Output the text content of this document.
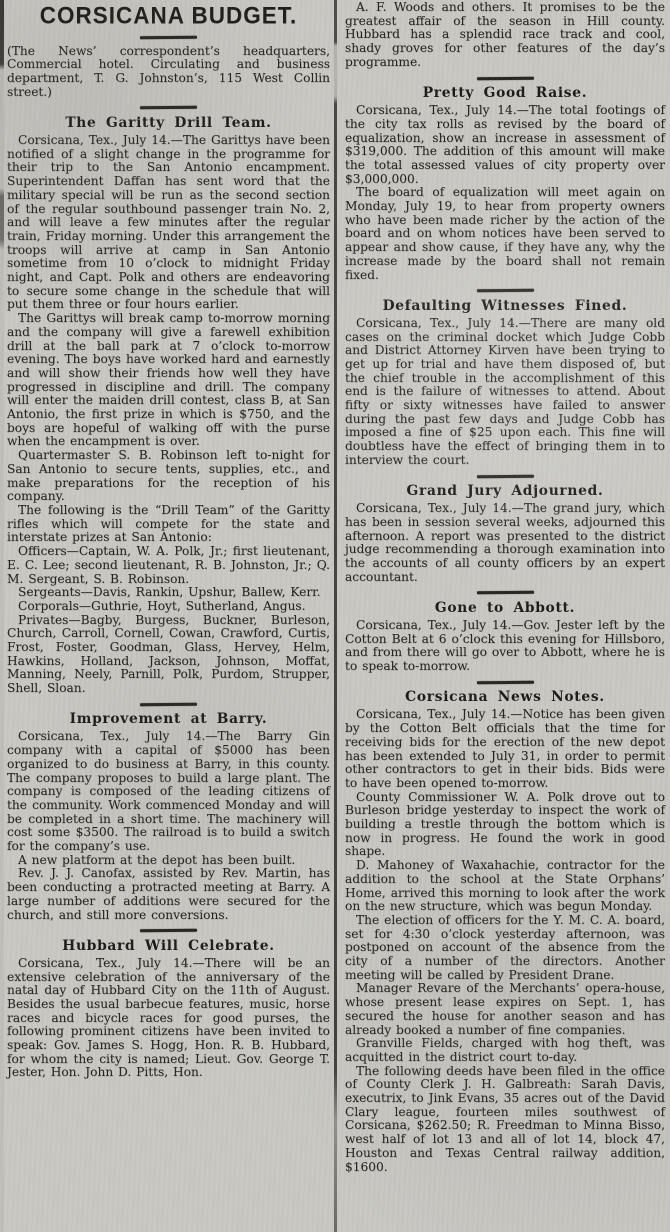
CORSICANA BUDGET.

(The News’ correspondent’s headquarters, Commercial hotel. Circulating and business department, T. G. Johnston’s, 115 West Collin street.)

The Garitty Drill Team.

Corsicana, Tex., July 14.—The Garittys have been notified of a slight change in the programme for their trip to the San Antonio encampment. Superintendent Daffan has sent word that the military special will be run as the second section of the regular southbound passenger train No. 2, and will leave a few minutes after the regular train, Friday morning. Under this arrangement the troops will arrive at camp in San Antonio sometime from 10 o’clock to midnight Friday night, and Capt. Polk and others are endeavoring to secure some change in the schedule that will put them three or four hours earlier.

The Garittys will break camp to-morrow morning and the company will give a farewell exhibition drill at the ball park at 7 o’clock to-morrow evening. The boys have worked hard and earnestly and will show their friends how well they have progressed in discipline and drill. The company will enter the maiden drill contest, class B, at San Antonio, the first prize in which is $750, and the boys are hopeful of walking off with the purse when the encampment is over.

Quartermaster S. B. Robinson left to-night for San Antonio to secure tents, supplies, etc., and make preparations for the reception of his company.

The following is the “Drill Team” of the Garitty rifles which will compete for the state and interstate prizes at San Antonio:

Officers—Captain, W. A. Polk, Jr.; first lieutenant, E. C. Lee; second lieutenant, R. B. Johnston, Jr.; Q. M. Sergeant, S. B. Robinson.

Sergeants—Davis, Rankin, Upshur, Ballew, Kerr.

Corporals—Guthrie, Hoyt, Sutherland, Angus.

Privates—Bagby, Burgess, Buckner, Burleson, Church, Carroll, Cornell, Cowan, Crawford, Curtis, Frost, Foster, Goodman, Glass, Hervey, Helm, Hawkins, Holland, Jackson, Johnson, Moffat, Manning, Neely, Parnill, Polk, Purdom, Strupper, Shell, Sloan.

Improvement at Barry.

Corsicana, Tex., July 14.—The Barry Gin company with a capital of $5000 has been organized to do business at Barry, in this county. The company proposes to build a large plant. The company is composed of the leading citizens of the community. Work commenced Monday and will be completed in a short time. The machinery will cost some $3500. The railroad is to build a switch for the company’s use.

A new platform at the depot has been built.

Rev. J. J. Canofax, assisted by Rev. Martin, has been conducting a protracted meeting at Barry. A large number of additions were secured for the church, and still more conversions.

Hubbard Will Celebrate.

Corsicana, Tex., July 14.—There will be an extensive celebration of the anniversary of the natal day of Hubbard City on the 11th of August. Besides the usual barbecue features, music, horse races and bicycle races for good purses, the following prominent citizens have been invited to speak: Gov. James S. Hogg, Hon. R. B. Hubbard, for whom the city is named; Lieut. Gov. George T. Jester, Hon. John D. Pitts, Hon.

A. F. Woods and others. It promises to be the greatest affair of the season in Hill county. Hubbard has a splendid race track and cool, shady groves for other features of the day’s programme.

Pretty Good Raise.

Corsicana, Tex., July 14.—The total footings of the city tax rolls as revised by the board of equalization, show an increase in assessment of $319,000. The addition of this amount will make the total assessed values of city property over $3,000,000.

The board of equalization will meet again on Monday, July 19, to hear from property owners who have been made richer by the action of the board and on whom notices have been served to appear and show cause, if they have any, why the increase made by the board shall not remain fixed.

Defaulting Witnesses Fined.

Corsicana, Tex., July 14.—There are many old cases on the criminal docket which Judge Cobb and District Attorney Kirven have been trying to get up for trial and have them disposed of, but the chief trouble in the accomplishment of this end is the failure of witnesses to attend. About fifty or sixty witnesses have failed to answer during the past few days and Judge Cobb has imposed a fine of $25 upon each. This fine will doubtless have the effect of bringing them in to interview the court.

Grand Jury Adjourned.

Corsicana, Tex., July 14.—The grand jury, which has been in session several weeks, adjourned this afternoon. A report was presented to the district judge recommending a thorough examination into the accounts of all county officers by an expert accountant.

Gone to Abbott.

Corsicana, Tex., July 14.—Gov. Jester left by the Cotton Belt at 6 o’clock this evening for Hillsboro, and from there will go over to Abbott, where he is to speak to-morrow.

Corsicana News Notes.

Corsicana, Tex., July 14.—Notice has been given by the Cotton Belt officials that the time for receiving bids for the erection of the new depot has been extended to July 31, in order to permit other contractors to get in their bids. Bids were to have been opened to-morrow.

County Commissioner W. A. Polk drove out to Burleson bridge yesterday to inspect the work of building a trestle through the bottom which is now in progress. He found the work in good shape.

D. Mahoney of Waxahachie, contractor for the addition to the school at the State Orphans’ Home, arrived this morning to look after the work on the new structure, which was begun Monday.

The election of officers for the Y. M. C. A. board, set for 4:30 o’clock yesterday afternoon, was postponed on account of the absence from the city of a number of the directors. Another meeting will be called by President Drane.

Manager Revare of the Merchants’ opera-house, whose present lease expires on Sept. 1, has secured the house for another season and has already booked a number of fine companies.

Granville Fields, charged with hog theft, was acquitted in the district court to-day.

The following deeds have been filed in the office of County Clerk J. H. Galbreath: Sarah Davis, executrix, to Jink Evans, 35 acres out of the David Clary league, fourteen miles southwest of Corsicana, $262.50; R. Freedman to Minna Bisso, west half of lot 13 and all of lot 14, block 47, Houston and Texas Central railway addition, $1600.
